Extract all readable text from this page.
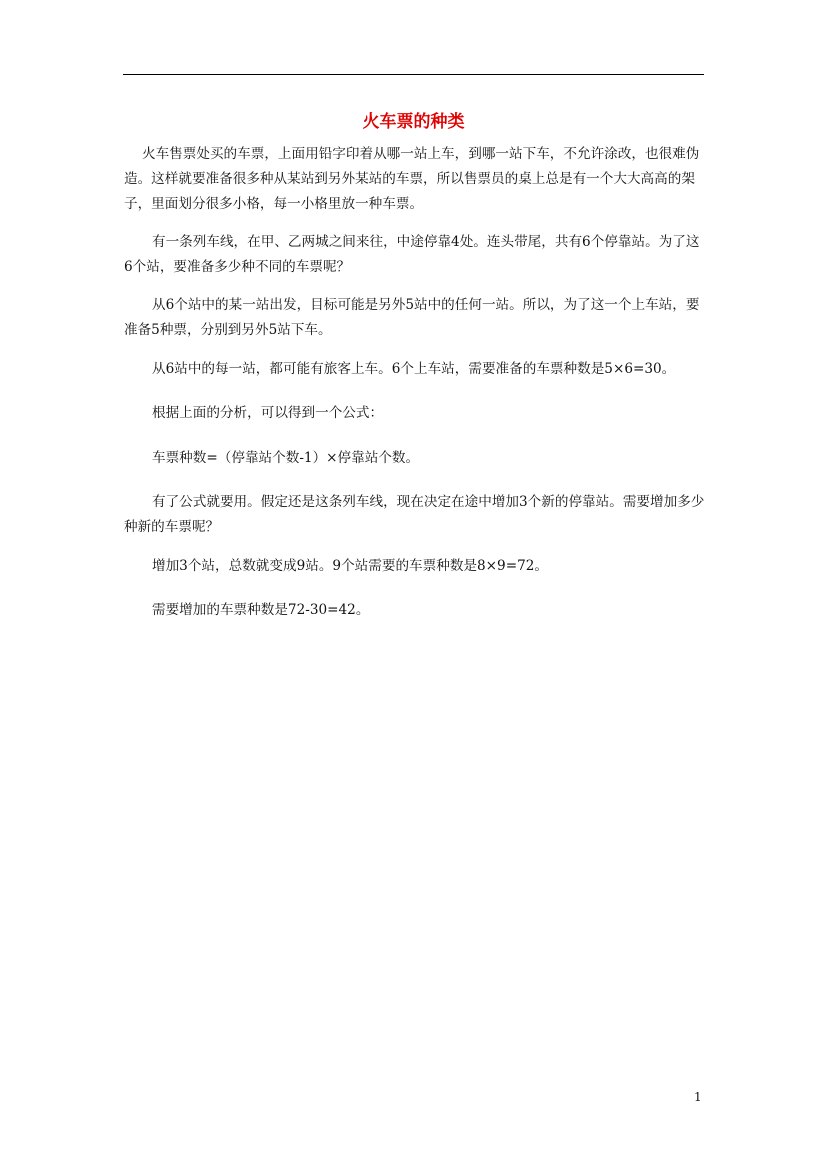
火车票的种类

火车售票处买的车票，上面用铅字印着从哪一站上车，到哪一站下车，不允许涂改，也很难伪造。这样就要准备很多种从某站到另外某站的车票，所以售票员的桌上总是有一个大大高高的架子，里面划分很多小格，每一小格里放一种车票。

有一条列车线，在甲、乙两城之间来往，中途停靠4处。连头带尾，共有6个停靠站。为了这6个站，要准备多少种不同的车票呢？

从6个站中的某一站出发，目标可能是另外5站中的任何一站。所以，为了这一个上车站，要准备5种票，分别到另外5站下车。

从6站中的每一站，都可能有旅客上车。6个上车站，需要准备的车票种数是5×6=30。

根据上面的分析，可以得到一个公式：

车票种数=（停靠站个数-1）×停靠站个数。

有了公式就要用。假定还是这条列车线，现在决定在途中增加3个新的停靠站。需要增加多少种新的车票呢？

增加3个站，总数就变成9站。9个站需要的车票种数是8×9=72。

需要增加的车票种数是72-30=42。

1
